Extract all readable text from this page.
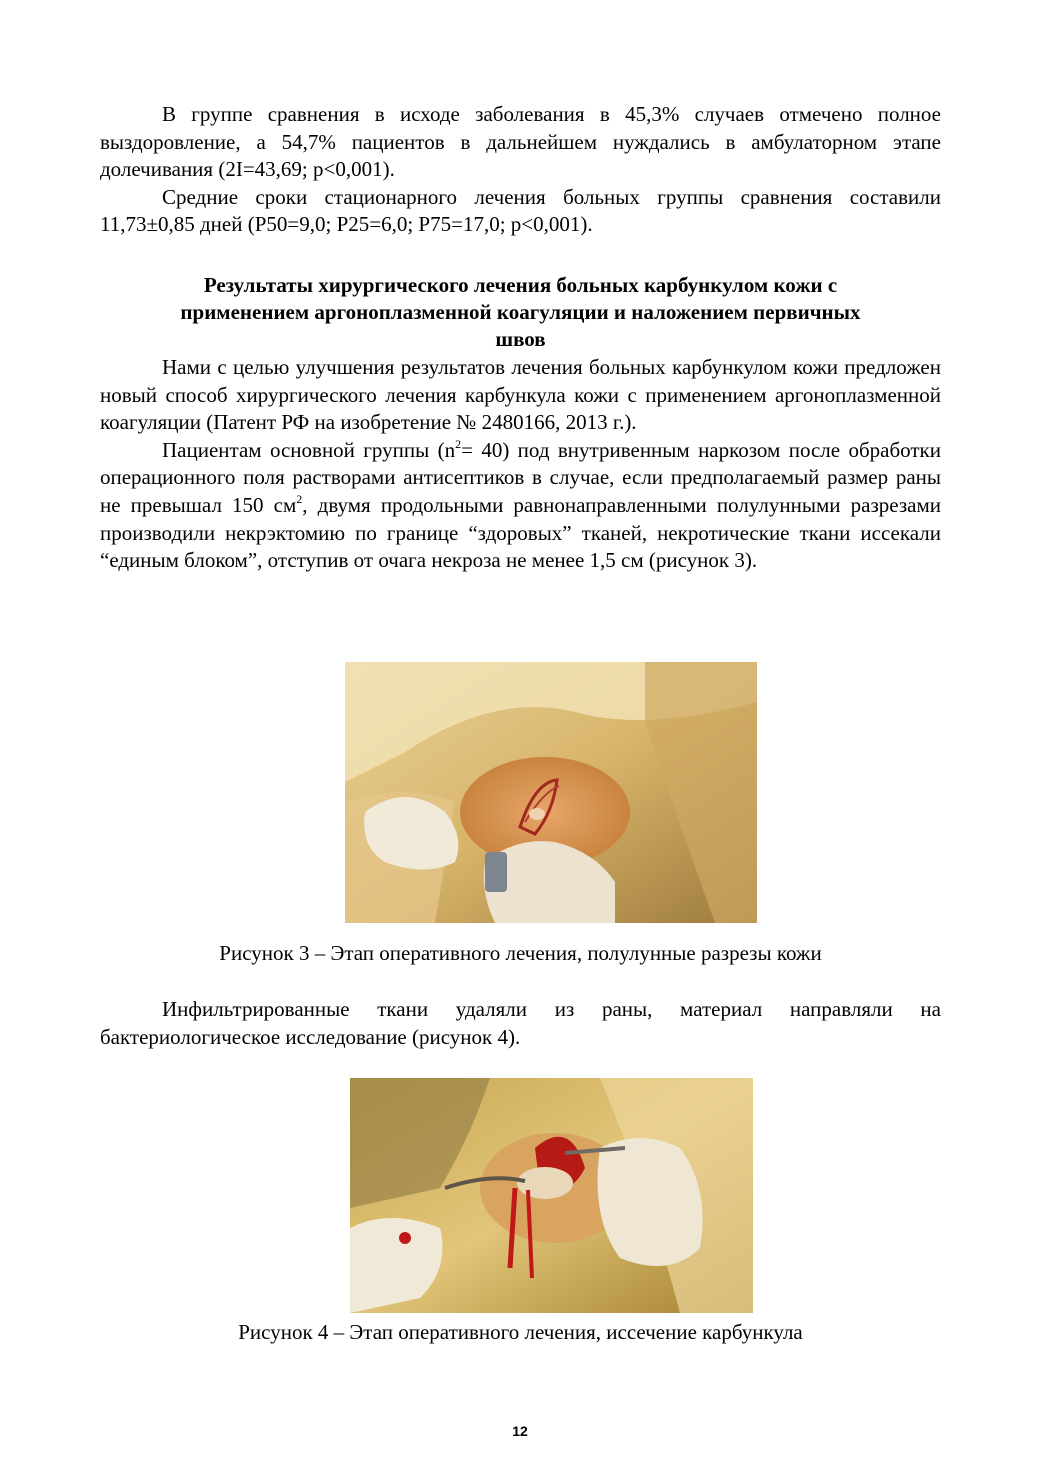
В группе сравнения в исходе заболевания в 45,3% случаев отмечено полное выздоровление, а 54,7% пациентов в дальнейшем нуждались в амбулаторном этапе долечивания (2I=43,69; р<0,001).

Средние сроки стационарного лечения больных группы сравнения составили 11,73±0,85 дней (Р50=9,0; Р25=6,0; Р75=17,0; р<0,001).

Результаты хирургического лечения больных карбункулом кожи с
применением аргоноплазменной коагуляции и наложением первичных
швов

Нами с целью улучшения результатов лечения больных карбункулом кожи предложен новый способ хирургического лечения карбункула кожи с применением аргоноплазменной коагуляции (Патент РФ на изобретение № 2480166, 2013 г.).

Пациентам основной группы $(n^2= 40)$ под внутривенным наркозом после обработки операционного поля растворами антисептиков в случае, если предполагаемый размер раны не превышал 150 $см^2$, двумя продольными равнонаправленными полулунными разрезами производили некрэктомию по границе “здоровых” тканей, некротические ткани иссекали “единым блоком”, отступив от очага некроза не менее 1,5 см (рисунок 3).

Рисунок 3 – Этап оперативного лечения, полулунные разрезы кожи

Инфильтрированные ткани удаляли из раны, материал направляли на бактериологическое исследование (рисунок 4).

Рисунок 4 – Этап оперативного лечения, иссечение карбункула

12
